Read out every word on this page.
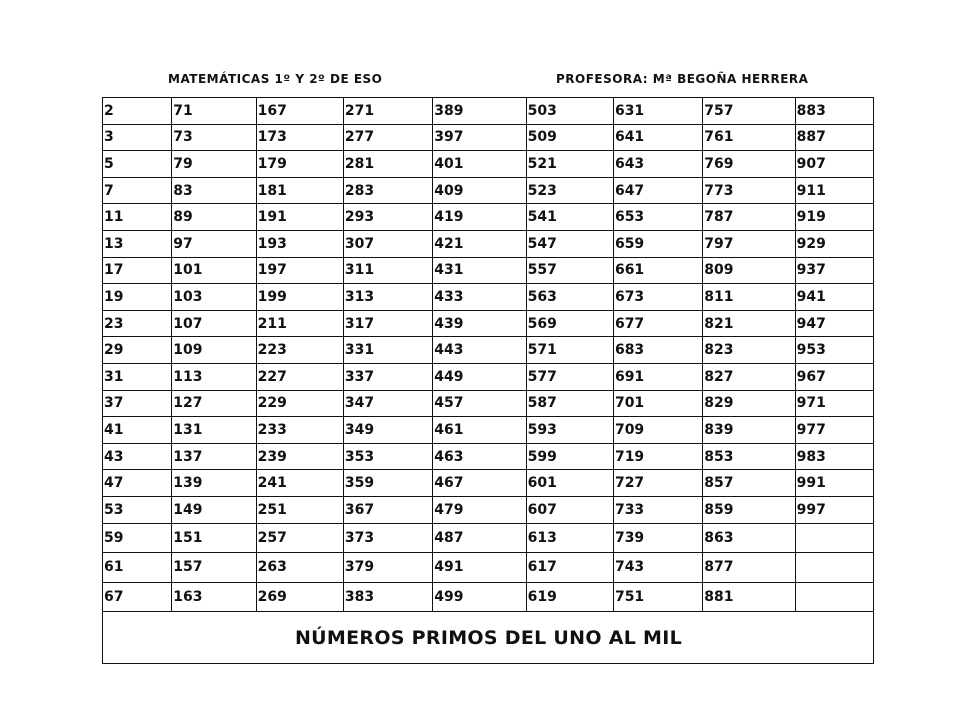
MATEMÁTICAS 1º Y 2º DE ESO	PROFESORA: Mª BEGOÑA HERRERA
2	71	167	271	389	503	631	757	883
3	73	173	277	397	509	641	761	887
5	79	179	281	401	521	643	769	907
7	83	181	283	409	523	647	773	911
11	89	191	293	419	541	653	787	919
13	97	193	307	421	547	659	797	929
17	101	197	311	431	557	661	809	937
19	103	199	313	433	563	673	811	941
23	107	211	317	439	569	677	821	947
29	109	223	331	443	571	683	823	953
31	113	227	337	449	577	691	827	967
37	127	229	347	457	587	701	829	971
41	131	233	349	461	593	709	839	977
43	137	239	353	463	599	719	853	983
47	139	241	359	467	601	727	857	991
53	149	251	367	479	607	733	859	997
59	151	257	373	487	613	739	863	
61	157	263	379	491	617	743	877	
67	163	269	383	499	619	751	881	
NÚMEROS PRIMOS DEL UNO AL MIL								
